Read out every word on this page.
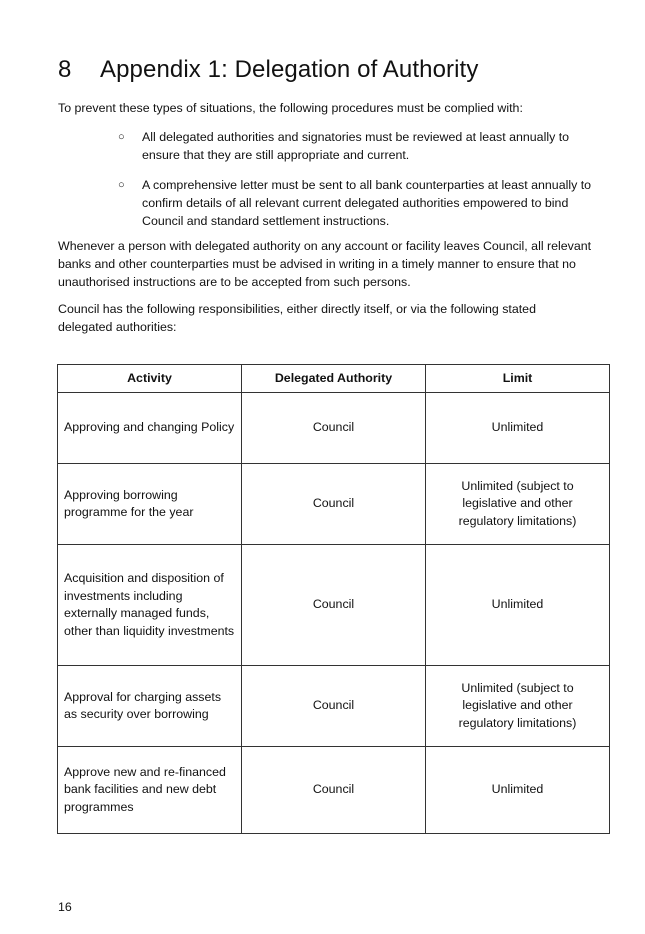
8 Appendix 1: Delegation of Authority

To prevent these types of situations, the following procedures must be complied with:

○ All delegated authorities and signatories must be reviewed at least annually to ensure that they are still appropriate and current.
○ A comprehensive letter must be sent to all bank counterparties at least annually to confirm details of all relevant current delegated authorities empowered to bind Council and standard settlement instructions.

Whenever a person with delegated authority on any account or facility leaves Council, all relevant banks and other counterparties must be advised in writing in a timely manner to ensure that no unauthorised instructions are to be accepted from such persons.

Council has the following responsibilities, either directly itself, or via the following stated delegated authorities:

Activity	Delegated Authority	Limit
Approving and changing Policy	Council	Unlimited
Approving borrowing programme for the year	Council	Unlimited (subject to legislative and other regulatory limitations)
Acquisition and disposition of investments including externally managed funds, other than liquidity investments	Council	Unlimited
Approval for charging assets as security over borrowing	Council	Unlimited (subject to legislative and other regulatory limitations)
Approve new and re-financed bank facilities and new debt programmes	Council	Unlimited

16
